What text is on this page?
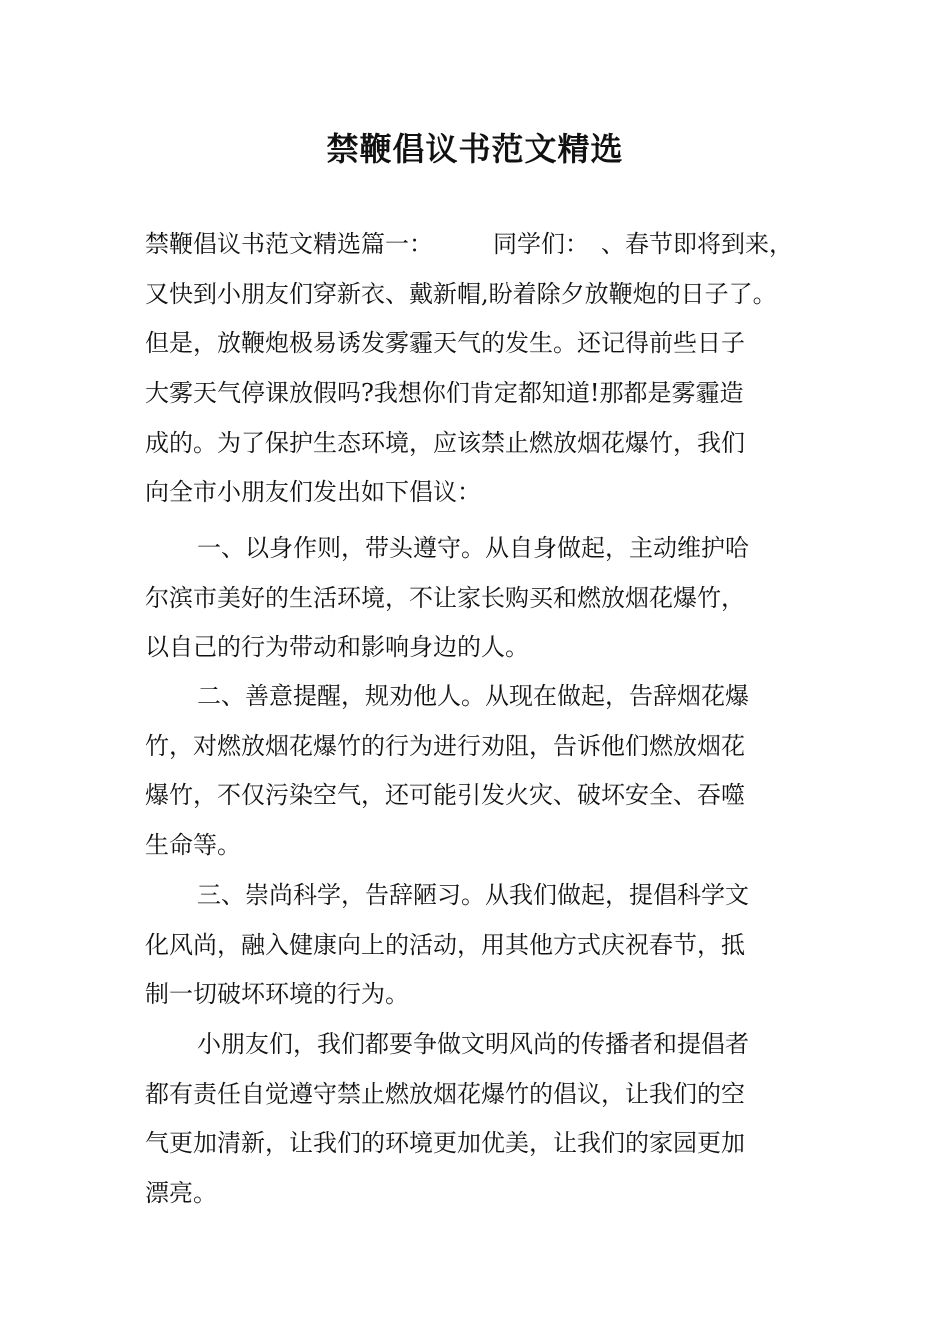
禁鞭倡议书范文精选

禁鞭倡议书范文精选篇一：　　　同学们：　、春节即将到来，
又快到小朋友们穿新衣、戴新帽,盼着除夕放鞭炮的日子了。
但是，放鞭炮极易诱发雾霾天气的发生。还记得前些日子
大雾天气停课放假吗?我想你们肯定都知道!那都是雾霾造
成的。为了保护生态环境，应该禁止燃放烟花爆竹，我们
向全市小朋友们发出如下倡议：

一、以身作则，带头遵守。从自身做起，主动维护哈
尔滨市美好的生活环境，不让家长购买和燃放烟花爆竹，
以自己的行为带动和影响身边的人。

二、善意提醒，规劝他人。从现在做起，告辞烟花爆
竹，对燃放烟花爆竹的行为进行劝阻，告诉他们燃放烟花
爆竹，不仅污染空气，还可能引发火灾、破坏安全、吞噬
生命等。

三、崇尚科学，告辞陋习。从我们做起，提倡科学文
化风尚，融入健康向上的活动，用其他方式庆祝春节，抵
制一切破坏环境的行为。

小朋友们，我们都要争做文明风尚的传播者和提倡者
都有责任自觉遵守禁止燃放烟花爆竹的倡议，让我们的空
气更加清新，让我们的环境更加优美，让我们的家园更加
漂亮。
